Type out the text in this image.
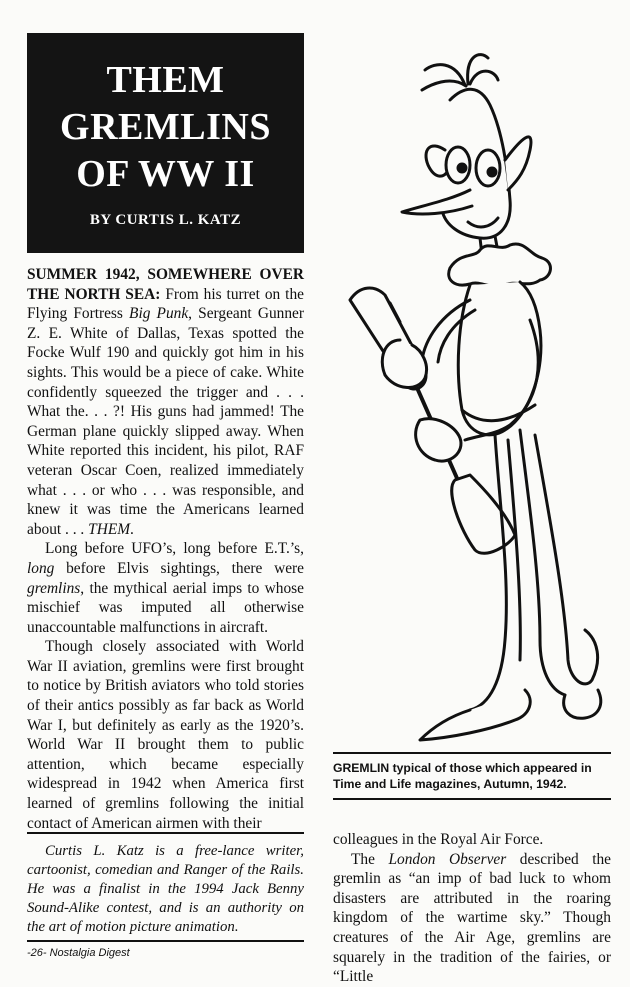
THEM
GREMLINS
OF WW II
BY CURTIS L. KATZ

SUMMER 1942, SOMEWHERE OVER THE NORTH SEA: From his turret on the Flying Fortress Big Punk, Sergeant Gunner Z. E. White of Dallas, Texas spotted the Focke Wulf 190 and quickly got him in his sights. This would be a piece of cake. White confidently squeezed the trigger and . . . What the. . . ?! His guns had jammed! The German plane quickly slipped away. When White reported this incident, his pilot, RAF veteran Oscar Coen, realized immediately what . . . or who . . . was responsible, and knew it was time the Americans learned about . . . THEM.

Long before UFO’s, long before E.T.’s, long before Elvis sightings, there were gremlins, the mythical aerial imps to whose mischief was imputed all otherwise unaccountable malfunctions in aircraft.

Though closely associated with World War II aviation, gremlins were first brought to notice by British aviators who told stories of their antics possibly as far back as World War I, but definitely as early as the 1920’s. World War II brought them to public attention, which became especially widespread in 1942 when America first learned of gremlins following the initial contact of American airmen with their

Curtis L. Katz is a free-lance writer, cartoonist, comedian and Ranger of the Rails. He was a finalist in the 1994 Jack Benny Sound-Alike contest, and is an authority on the art of motion picture animation.
-26- Nostalgia Digest
GREMLIN typical of those which appeared in Time and Life magazines, Autumn, 1942.

colleagues in the Royal Air Force.

The London Observer described the gremlin as “an imp of bad luck to whom disasters are attributed in the roaring kingdom of the wartime sky.” Though creatures of the Air Age, gremlins are squarely in the tradition of the fairies, or “Little
